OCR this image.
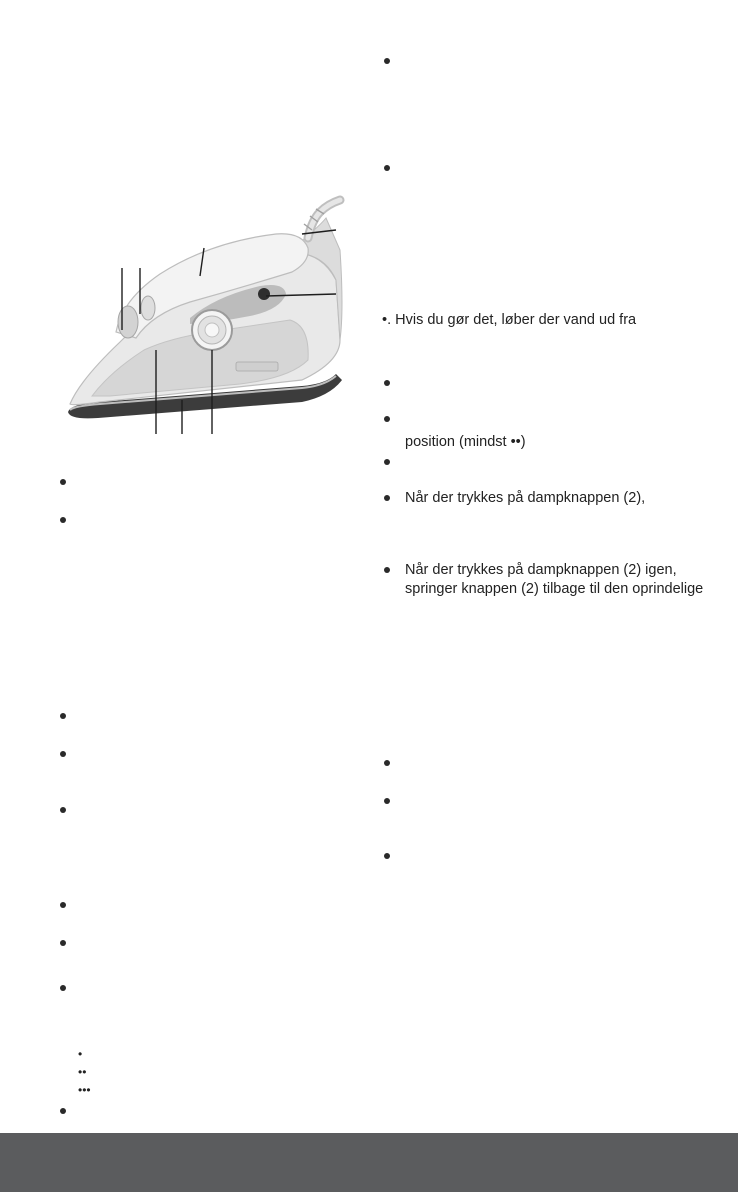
•
••
•••
•. Hvis du gør det, løber der vand ud fra
position (mindst ••)
Når der trykkes på dampknappen (2),
Når der trykkes på dampknappen (2) igen,
springer knappen (2) tilbage til den oprindelige
